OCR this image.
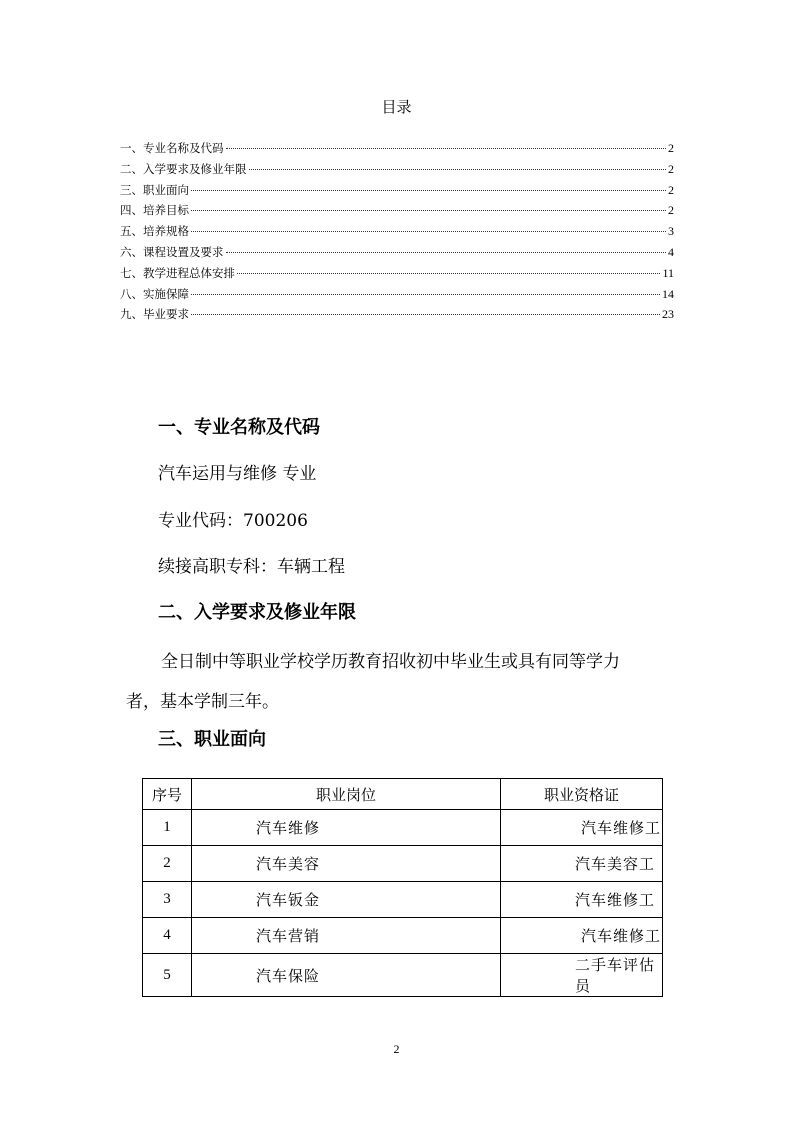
目录
一、专业名称及代码	2
二、入学要求及修业年限	2
三、职业面向	2
四、培养目标	2
五、培养规格	3
六、课程设置及要求	4
七、教学进程总体安排	11
八、实施保障	14
九、毕业要求	23
一、专业名称及代码
汽车运用与维修 专业
专业代码：700206
续接高职专科：车辆工程
二、入学要求及修业年限
全日制中等职业学校学历教育招收初中毕业生或具有同等学力
者，基本学制三年。
三、职业面向
序号	职业岗位	职业资格证
1	汽车维修	汽车维修工
2	汽车美容	汽车美容工
3	汽车钣金	汽车维修工
4	汽车营销	汽车维修工
5	汽车保险	二手车评估员
2
